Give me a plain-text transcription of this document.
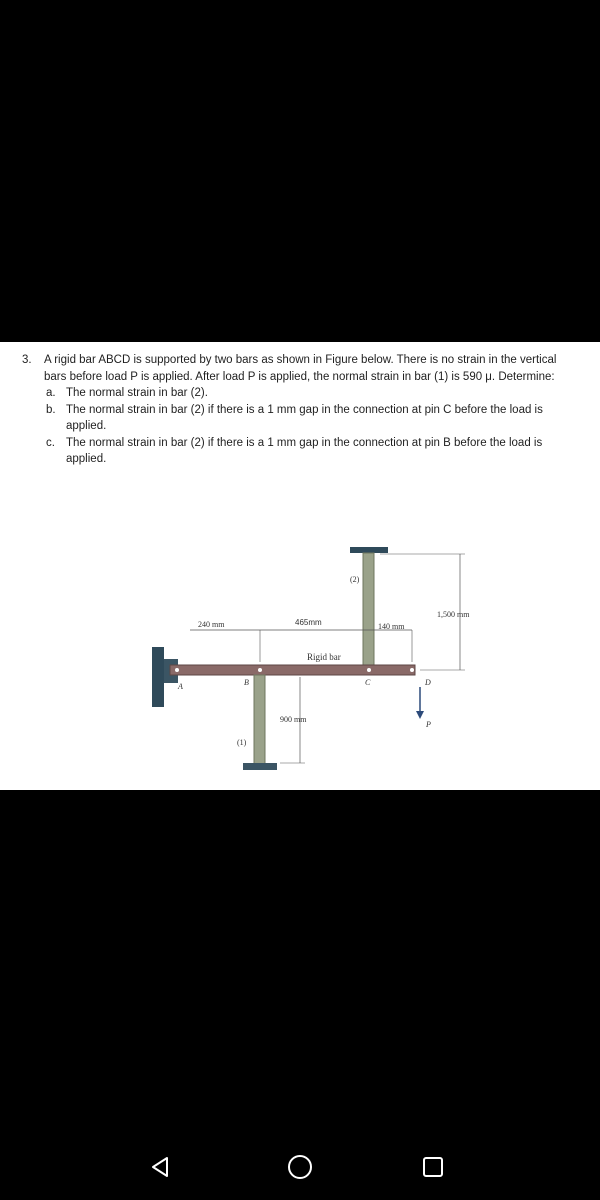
3. A rigid bar ABCD is supported by two bars as shown in Figure below. There is no strain in the vertical bars before load P is applied. After load P is applied, the normal strain in bar (1) is 590 μ. Determine:
a. The normal strain in bar (2).
b. The normal strain in bar (2) if there is a 1 mm gap in the connection at pin C before the load is applied.
c. The normal strain in bar (2) if there is a 1 mm gap in the connection at pin B before the load is applied.
240 mm	465mm	140 mm
1,500 mm
900 mm
Rigid bar
(2)
(1)
A	B	C	D
P
